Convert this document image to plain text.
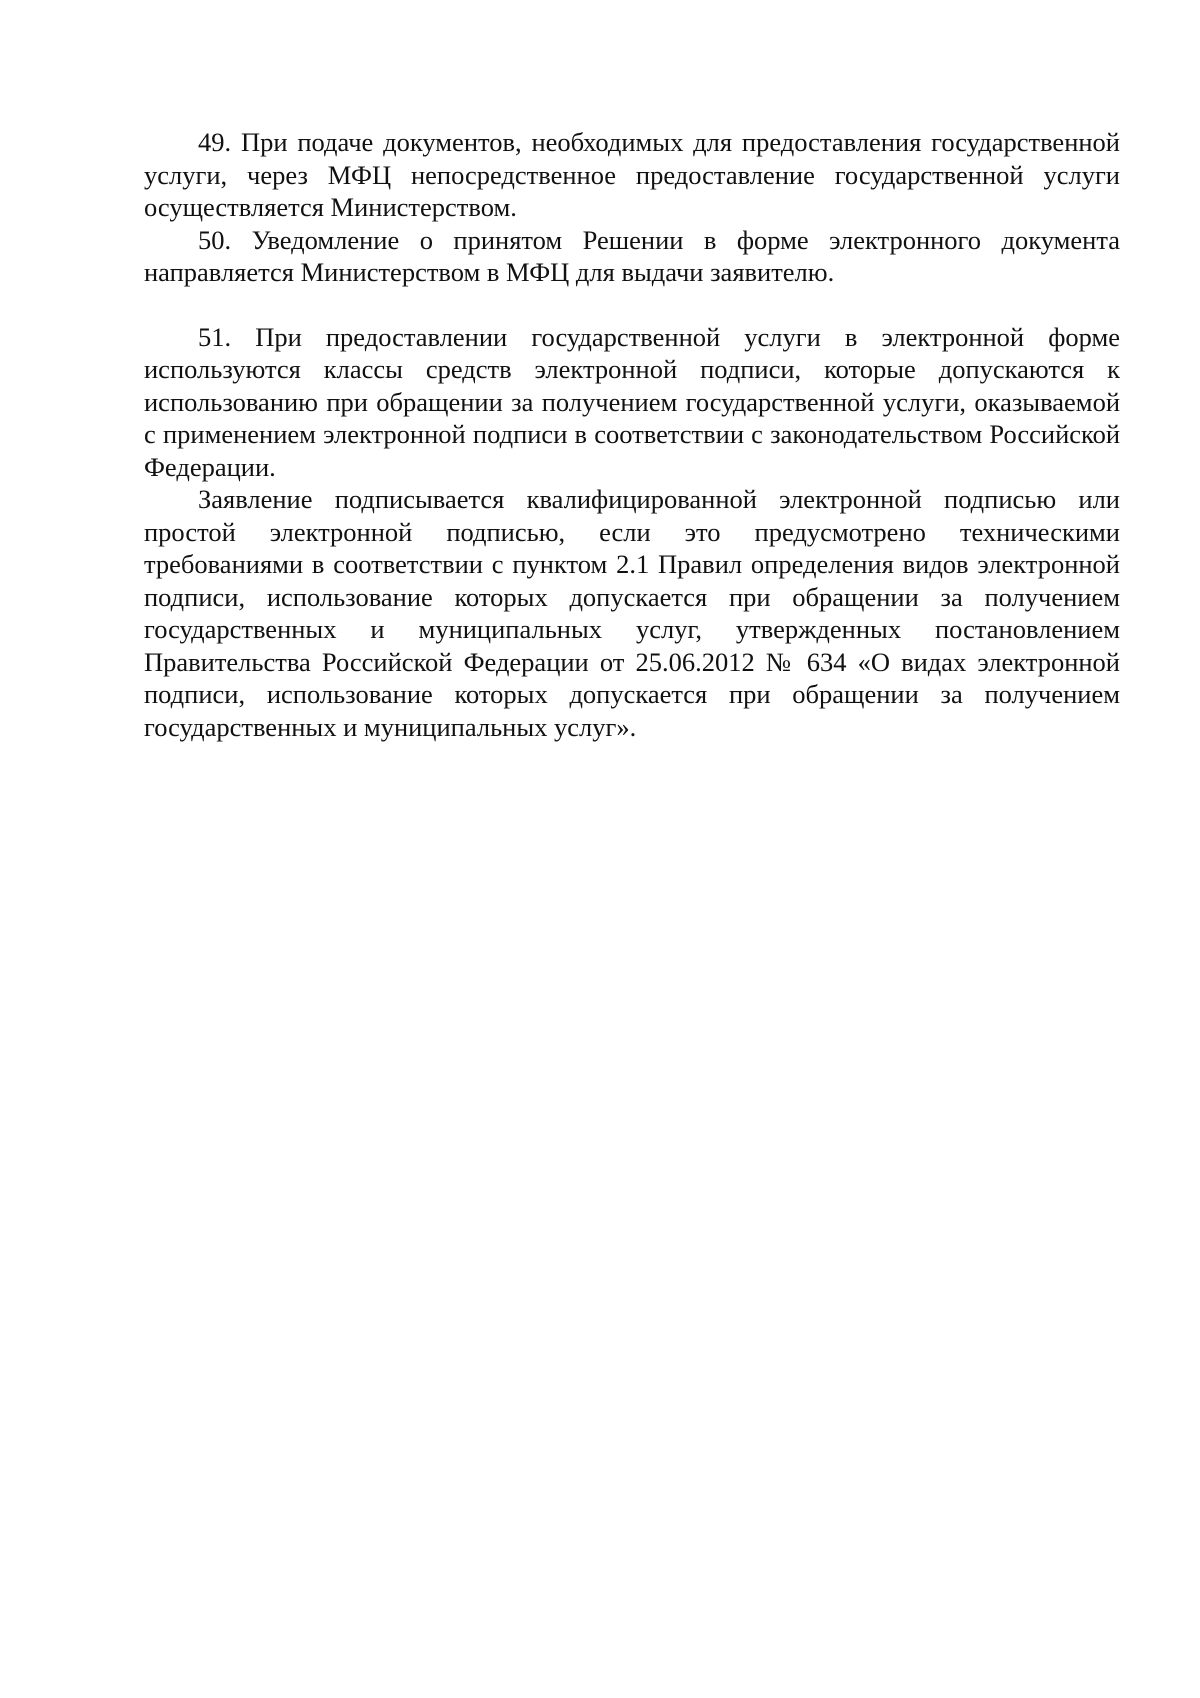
49. При подаче документов, необходимых для предоставления государственной услуги, через МФЦ непосредственное предоставление государственной услуги осуществляется Министерством.

50. Уведомление о принятом Решении в форме электронного документа направляется Министерством в МФЦ для выдачи заявителю.

51. При предоставлении государственной услуги в электронной форме используются классы средств электронной подписи, которые допускаются к использованию при обращении за получением государственной услуги, оказываемой с применением электронной подписи в соответствии с законодательством Российской Федерации.

Заявление подписывается квалифицированной электронной подписью или простой электронной подписью, если это предусмотрено техническими требованиями в соответствии с пунктом 2.1 Правил определения видов электронной подписи, использование которых допускается при обращении за получением государственных и муниципальных услуг, утвержденных постановлением Правительства Российской Федерации от 25.06.2012 № 634 «О видах электронной подписи, использование которых допускается при обращении за получением государственных и муниципальных услуг».
